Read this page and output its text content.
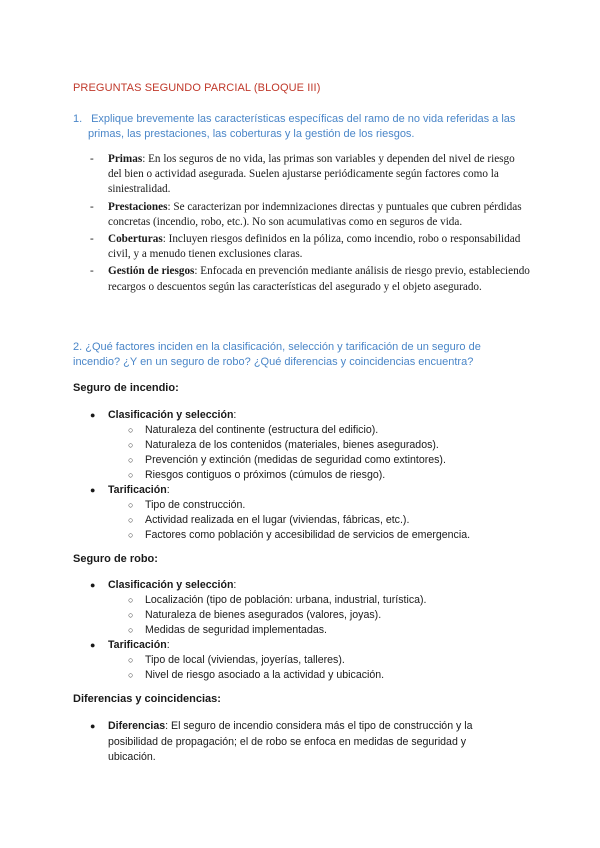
PREGUNTAS SEGUNDO PARCIAL (BLOQUE III)
1. Explique brevemente las características específicas del ramo de no vida referidas a las
primas, las prestaciones, las coberturas y la gestión de los riesgos.
- Primas: En los seguros de no vida, las primas son variables y dependen del nivel de riesgo del bien o actividad asegurada. Suelen ajustarse periódicamente según factores como la siniestralidad.
- Prestaciones: Se caracterizan por indemnizaciones directas y puntuales que cubren pérdidas concretas (incendio, robo, etc.). No son acumulativas como en seguros de vida.
- Coberturas: Incluyen riesgos definidos en la póliza, como incendio, robo o responsabilidad civil, y a menudo tienen exclusiones claras.
- Gestión de riesgos: Enfocada en prevención mediante análisis de riesgo previo, estableciendo recargos o descuentos según las características del asegurado y el objeto asegurado.
2. ¿Qué factores inciden en la clasificación, selección y tarificación de un seguro de
incendio? ¿Y en un seguro de robo? ¿Qué diferencias y coincidencias encuentra?
Seguro de incendio:
● Clasificación y selección:
○ Naturaleza del continente (estructura del edificio).
○ Naturaleza de los contenidos (materiales, bienes asegurados).
○ Prevención y extinción (medidas de seguridad como extintores).
○ Riesgos contiguos o próximos (cúmulos de riesgo).
● Tarificación:
○ Tipo de construcción.
○ Actividad realizada en el lugar (viviendas, fábricas, etc.).
○ Factores como población y accesibilidad de servicios de emergencia.
Seguro de robo:
● Clasificación y selección:
○ Localización (tipo de población: urbana, industrial, turística).
○ Naturaleza de bienes asegurados (valores, joyas).
○ Medidas de seguridad implementadas.
● Tarificación:
○ Tipo de local (viviendas, joyerías, talleres).
○ Nivel de riesgo asociado a la actividad y ubicación.
Diferencias y coincidencias:
●	Diferencias: El seguro de incendio considera más el tipo de construcción y la posibilidad de propagación; el de robo se enfoca en medidas de seguridad y ubicación.
